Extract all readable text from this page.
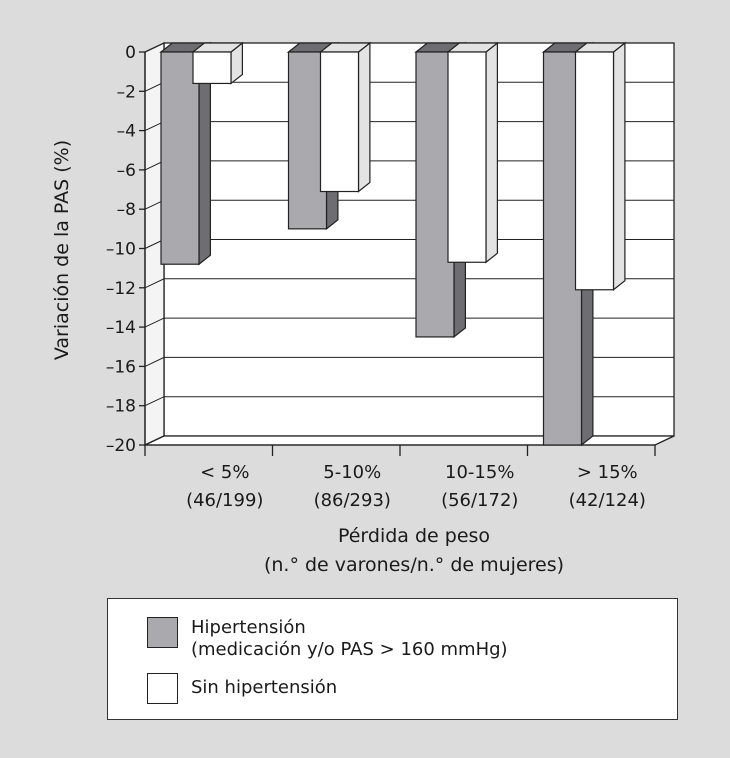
0
–2
–4
–6
–8
–10
–12
–14
–16
–18
–20
< 5%
(46/199)
5-10%
(86/293)
10-15%
(56/172)
> 15%
(42/124)
Pérdida de peso
(n.° de varones/n.° de mujeres)
Variación de la PAS (%)
Hipertensión
(medicación y/o PAS > 160 mmHg)
Sin hipertensión
